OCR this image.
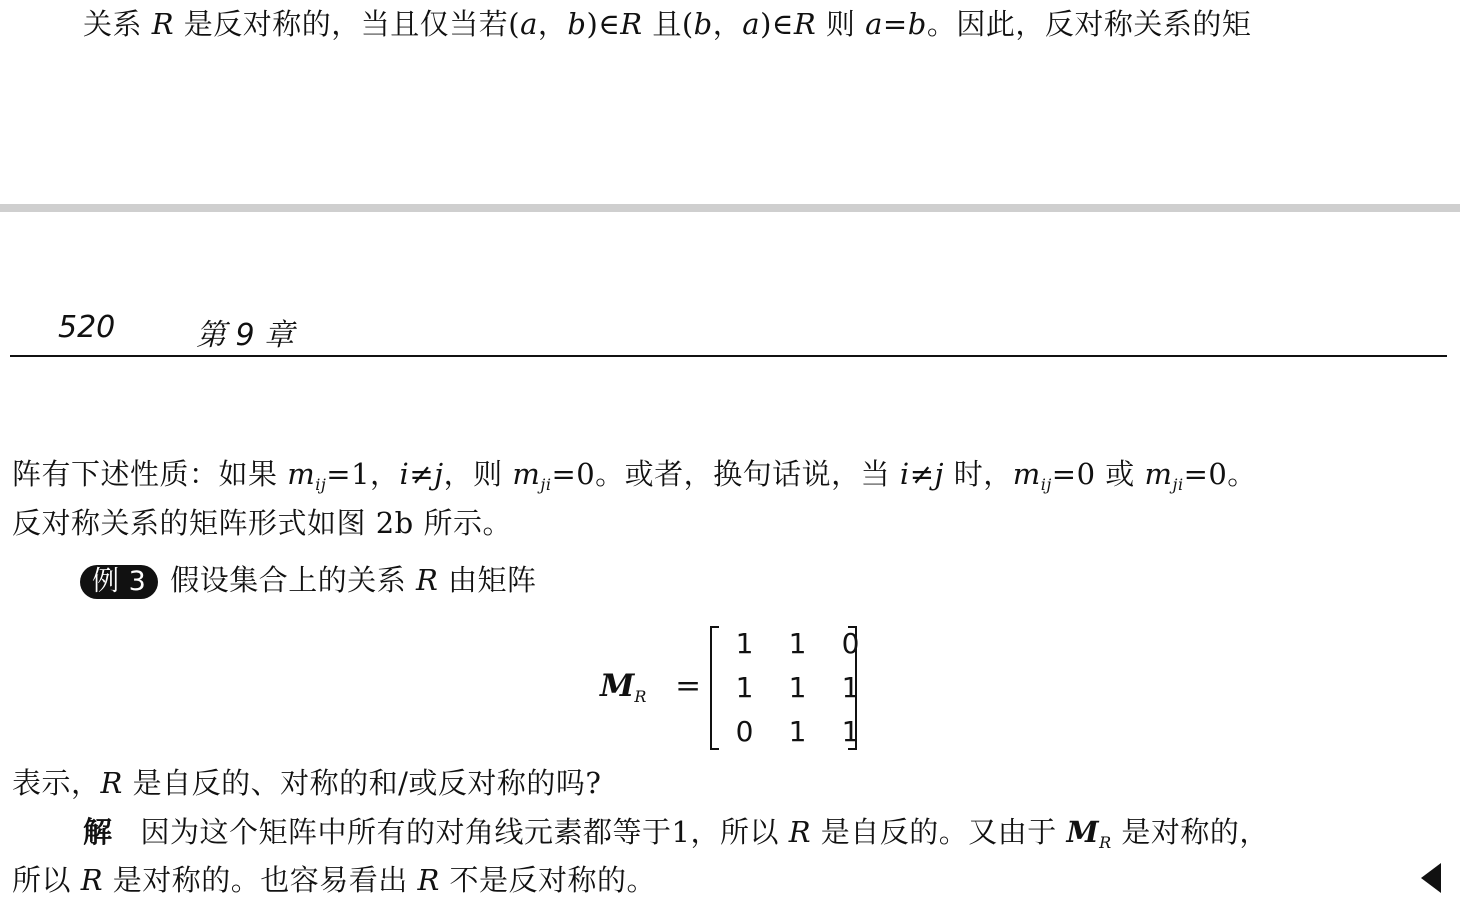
关系 R 是反对称的，当且仅当若(a，b)∈R 且(b，a)∈R 则 a=b。因此，反对称关系的矩
520	第 9 章
阵有下述性质：如果 $m_{ij}=1$，i≠j，则 $m_{ji}=0$。或者，换句话说，当 i≠j 时，$m_{ij}=0$ 或 $m_{ji}=0$。
反对称关系的矩阵形式如图 2b 所示。
例 3 假设集合上的关系 R 由矩阵
$M_R$ =
1	1	0
1	1	1
0	1	1
表示，R 是自反的、对称的和/或反对称的吗?
解 因为这个矩阵中所有的对角线元素都等于1，所以 R 是自反的。又由于 $M_R$ 是对称的，
所以 R 是对称的。也容易看出 R 不是反对称的。
